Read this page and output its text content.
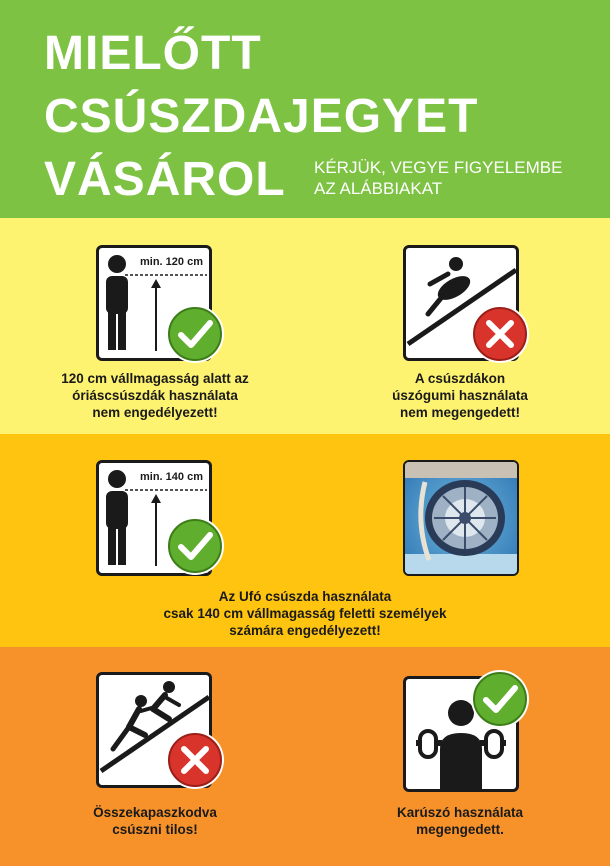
MIELŐTT
CSÚSZDAJEGYET
VÁSÁROL	KÉRJÜK, VEGYE FIGYELEMBE
AZ ALÁBBIAKAT
min. 120 cm
120 cm vállmagasság alatt az
óriáscsúszdák használata
nem engedélyezett!
A csúszdákon
úszógumi használata
nem megengedett!
min. 140 cm
Az Ufó csúszda használata
csak 140 cm vállmagasság feletti személyek
számára engedélyezett!
Összekapaszkodva
csúszni tilos!
Karúszó használata
megengedett.
